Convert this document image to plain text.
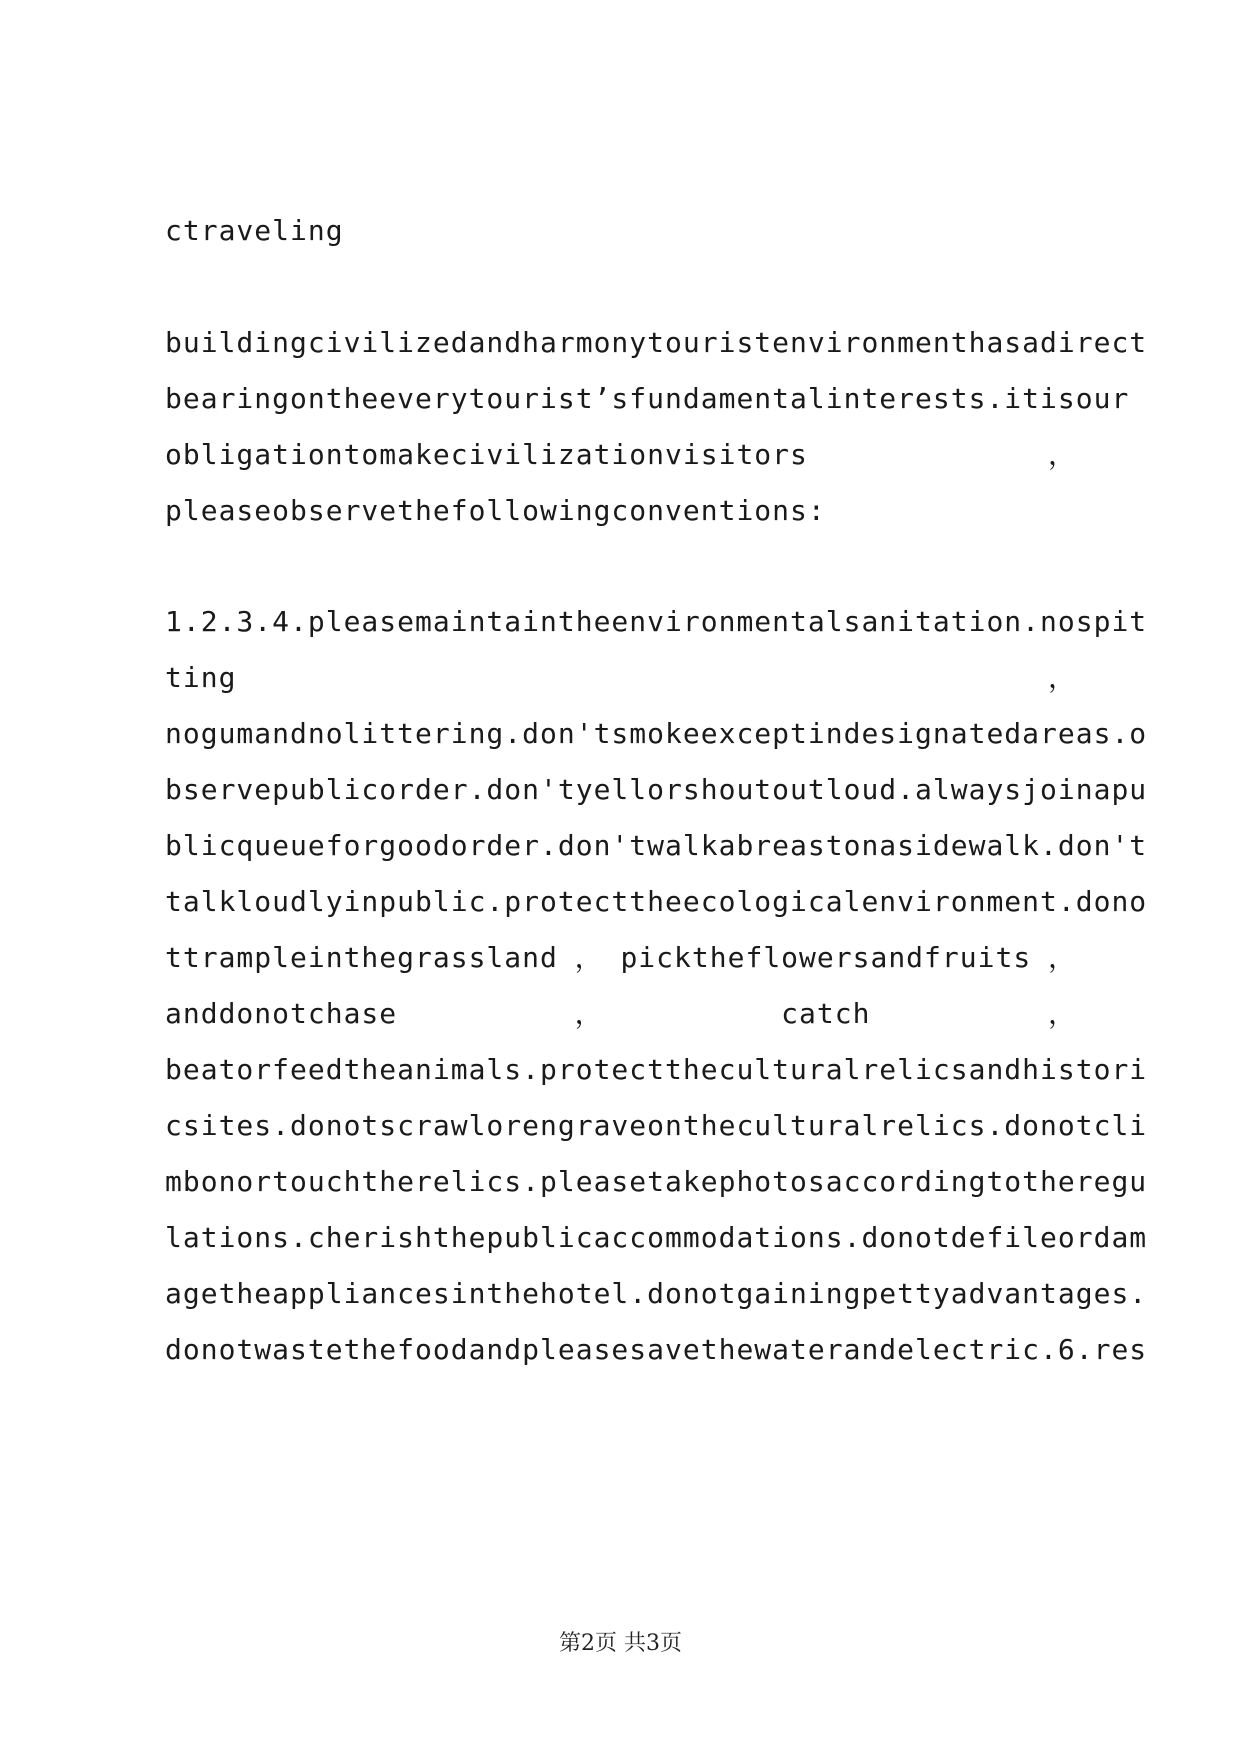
ctraveling
buildingcivilizedandharmonytouristenvironmenthasadirect
bearingontheeverytourist’sfundamentalinterests.itisour
obligationtomakecivilizationvisitors	，
pleaseobservethefollowingconventions:
1.2.3.4.pleasemaintaintheenvironmentalsanitation.nospit
ting	，
nogumandnolittering.don'tsmokeexceptindesignatedareas.o
bservepublicorder.don'tyellorshoutoutloud.alwaysjoinapu
blicqueueforgoodorder.don'twalkabreastonasidewalk.don't
talkloudlyinpublic.protecttheecologicalenvironment.dono
ttrampleinthegrassland ， picktheflowersandfruits ，
anddonotchase	，	catch	，
beatorfeedtheanimals.protecttheculturalrelicsandhistori
csites.donotscrawlorengraveontheculturalrelics.donotcli
mbonortouchtherelics.pleasetakephotosaccordingtotheregu
lations.cherishthepublicaccommodations.donotdefileordam
agetheappliancesinthehotel.donotgainingpettyadvantages.
donotwastethefoodandpleasesavethewaterandelectric.6.res
第2页 共3页
